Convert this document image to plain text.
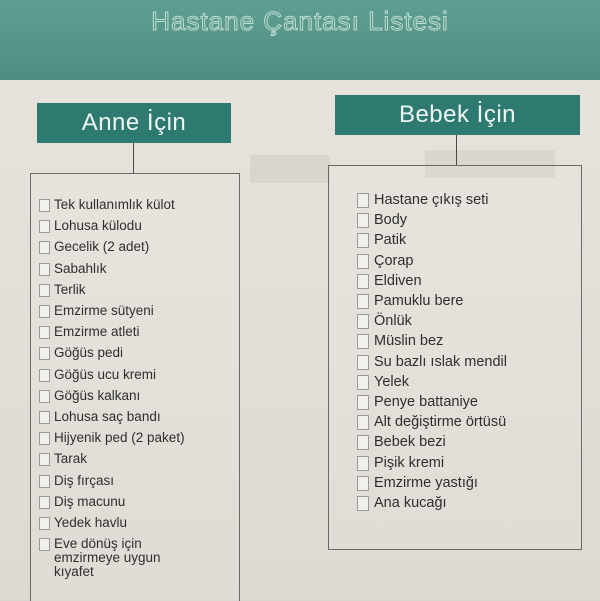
Hastane Çantası Listesi
Anne İçin
Tek kullanımlık külot
Lohusa külodu
Gecelik (2 adet)
Sabahlık
Terlik
Emzirme sütyeni
Emzirme atleti
Göğüs pedi
Göğüs ucu kremi
Göğüs kalkanı
Lohusa saç bandı
Hijyenik ped (2 paket)
Tarak
Diş fırçası
Diş macunu
Yedek havlu
Eve dönüş için
emzirmeye uygun
kıyafet
Bebek İçin
Hastane çıkış seti
Body
Patik
Çorap
Eldiven
Pamuklu bere
Önlük
Müslin bez
Su bazlı ıslak mendil
Yelek
Penye battaniye
Alt değiştirme örtüsü
Bebek bezi
Pişik kremi
Emzirme yastığı
Ana kucağı
